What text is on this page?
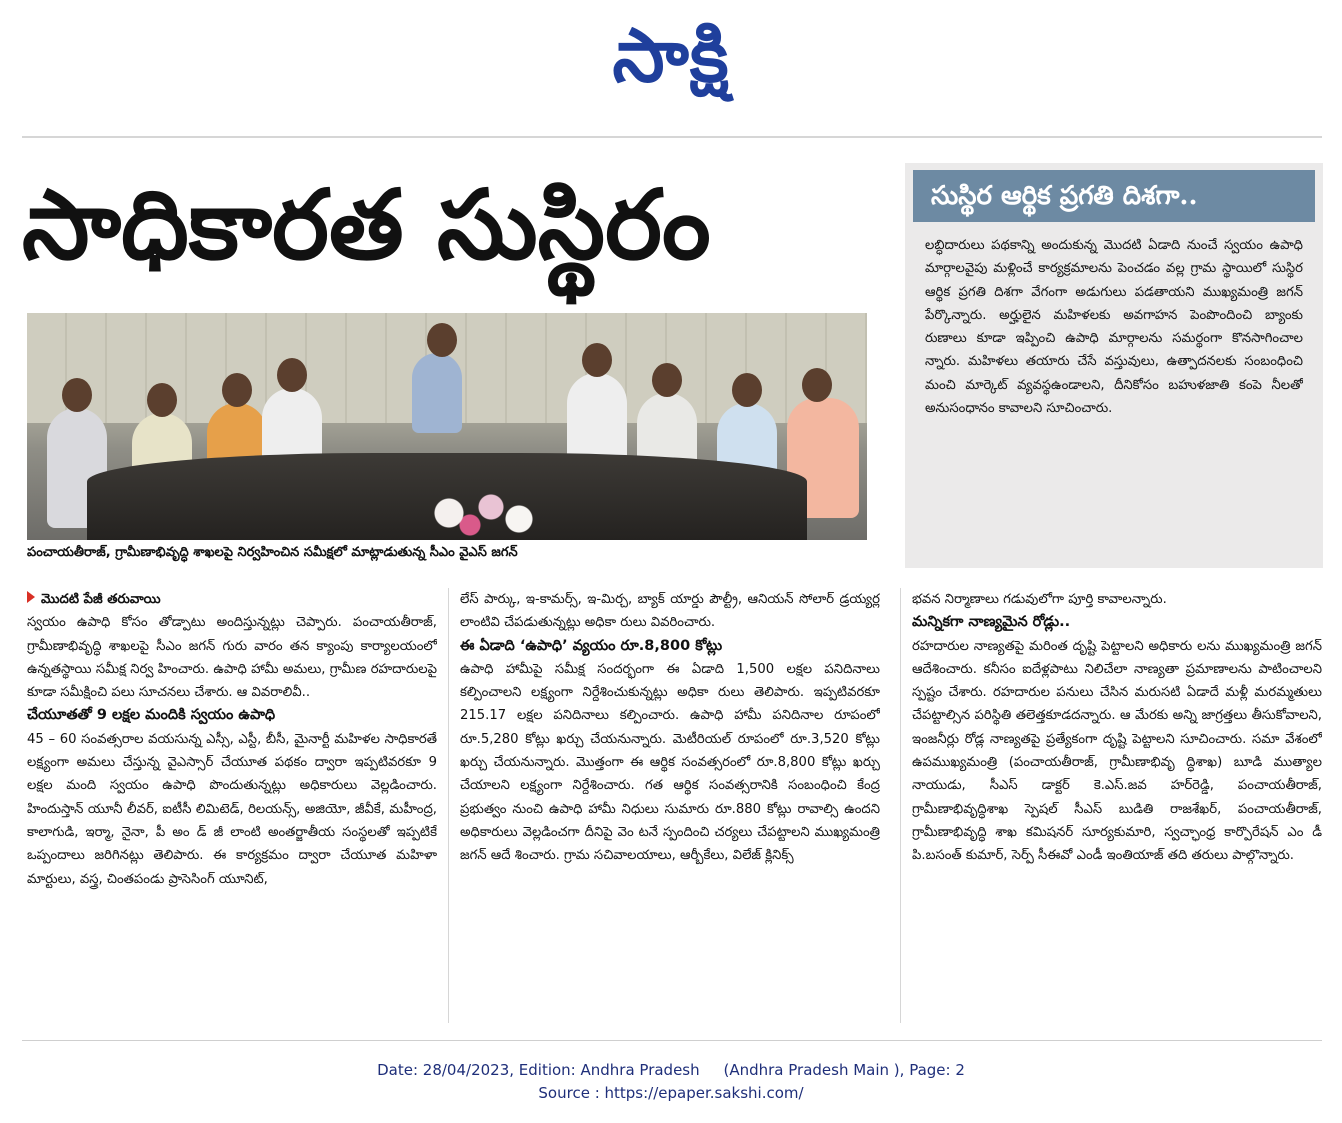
సాక్షి
సాధికారత సుస్థిరం
పంచాయతీరాజ్, గ్రామీణాభివృద్ధి శాఖలపై నిర్వహించిన సమీక్షలో మాట్లాడుతున్న సీఎం వైఎస్ జగన్
సుస్థిర ఆర్థిక ప్రగతి దిశగా..

లబ్ధిదారులు పథకాన్ని అందుకున్న మొదటి ఏడాది నుంచే స్వయం ఉపాధి మార్గాలవైపు మళ్లించే కార్యక్రమాలను పెంచడం వల్ల గ్రామ స్థాయిలో సుస్థిర ఆర్థిక ప్రగతి దిశగా వేగంగా అడుగులు పడతాయని ముఖ్యమంత్రి జగన్ పేర్కొన్నారు. అర్హులైన మహిళలకు అవగాహన పెంపొందించి బ్యాంకు రుణాలు కూడా ఇప్పించి ఉపాధి మార్గాలను సమర్థంగా కొనసాగించాల న్నారు. మహిళలు తయారు చేసే వస్తువులు, ఉత్పాదనలకు సంబంధించి మంచి మార్కెట్ వ్యవస్థఉండాలని, దీనికోసం బహుళజాతి కంపె నీలతో అనుసంధానం కావాలని సూచించారు.

మొదటి పేజీ తరువాయి

స్వయం ఉపాధి కోసం తోడ్పాటు అందిస్తున్నట్లు చెప్పారు. పంచాయతీరాజ్, గ్రామీణాభివృద్ధి శాఖలపై సీఎం జగన్ గురు వారం తన క్యాంపు కార్యాలయంలో ఉన్నతస్థాయి సమీక్ష నిర్వ హించారు. ఉపాధి హామీ అమలు, గ్రామీణ రహదారులపై కూడా సమీక్షించి పలు సూచనలు చేశారు. ఆ వివరాలివీ..

చేయూతతో 9 లక్షల మందికి స్వయం ఉపాధి

45 – 60 సంవత్సరాల వయసున్న ఎస్సీ, ఎస్టీ, బీసీ, మైనార్టీ మహిళల సాధికారతే లక్ష్యంగా అమలు చేస్తున్న వైఎస్సార్ చేయూత పథకం ద్వారా ఇప్పటివరకూ 9 లక్షల మంది స్వయం ఉపాధి పొందుతున్నట్లు అధికారులు వెల్లడించారు. హిందుస్తాన్ యూనీ లీవర్, ఐటీసీ లిమిటెడ్, రిలయన్స్, అజియో, జీవీకే, మహీంద్ర, కాలాగుడి, ఇర్మా, నైనా, పీ అం డ్ జీ లాంటి అంతర్జాతీయ సంస్థలతో ఇప్పటికే ఒప్పందాలు జరిగినట్లు తెలిపారు. ఈ కార్యక్రమం ద్వారా చేయూత మహిళా మార్టులు, వస్త్ర, చింతపండు ప్రాసెసింగ్ యూనిట్,

లేస్ పార్కు, ఇ-కామర్స్, ఇ-మిర్చ, బ్యాక్ యార్డు పౌల్ట్రీ, ఆనియన్ సోలార్ డ్రయ్యర్ల లాంటివి చేపడుతున్నట్లు అధికా రులు వివరించారు.

ఈ ఏడాది ‘ఉపాధి’ వ్యయం రూ.8,800 కోట్లు

ఉపాధి హామీపై సమీక్ష సందర్భంగా ఈ ఏడాది 1,500 లక్షల పనిదినాలు కల్పించాలని లక్ష్యంగా నిర్దేశించుకున్నట్లు అధికా రులు తెలిపారు. ఇప్పటివరకూ 215.17 లక్షల పనిదినాలు కల్పించారు. ఉపాధి హామీ పనిదినాల రూపంలో రూ.5,280 కోట్లు ఖర్చు చేయనున్నారు. మెటీరియల్ రూపంలో రూ.3,520 కోట్లు ఖర్చు చేయనున్నారు. మొత్తంగా ఈ ఆర్థిక సంవత్సరంలో రూ.8,800 కోట్లు ఖర్చు చేయాలని లక్ష్యంగా నిర్దేశించారు. గత ఆర్థిక సంవత్సరానికి సంబంధించి కేంద్ర ప్రభుత్వం నుంచి ఉపాధి హామీ నిధులు సుమారు రూ.880 కోట్లు రావాల్సి ఉందని అధికారులు వెల్లడించగా దీనిపై వెం టనే స్పందించి చర్యలు చేపట్టాలని ముఖ్యమంత్రి జగన్ ఆదే శించారు. గ్రామ సచివాలయాలు, ఆర్బీకేలు, విలేజ్ క్లినిక్స్

భవన నిర్మాణాలు గడువులోగా పూర్తి కావాలన్నారు.

మన్నికగా నాణ్యమైన రోడ్లు..

రహదారుల నాణ్యతపై మరింత దృష్టి పెట్టాలని అధికారు లను ముఖ్యమంత్రి జగన్ ఆదేశించారు. కనీసం ఐదేళ్లపాటు నిలిచేలా నాణ్యతా ప్రమాణాలను పాటించాలని స్పష్టం చేశారు. రహదారుల పనులు చేసిన మరుసటి ఏడాదే మళ్లీ మరమ్మతులు చేపట్టాల్సిన పరిస్థితి తలెత్తకూడదన్నారు. ఆ మేరకు అన్ని జాగ్రత్తలు తీసుకోవాలని, ఇంజనీర్లు రోడ్ల నాణ్యతపై ప్రత్యేకంగా దృష్టి పెట్టాలని సూచించారు. సమా వేశంలో ఉపముఖ్యమంత్రి (పంచాయతీరాజ్, గ్రామీణాభివృ ద్ధిశాఖ) బూడి ముత్యాల నాయుడు, సీఎస్ డాక్టర్ కె.ఎస్.జవ హర్‌రెడ్డి, పంచాయతీరాజ్, గ్రామీణాభివృద్ధిశాఖ స్పెషల్ సీఎస్ బుడితి రాజశేఖర్, పంచాయతీరాజ్, గ్రామీణాభివృద్ధి శాఖ కమిషనర్ సూర్యకుమారి, స్వచ్ఛాంధ్ర కార్పొరేషన్ ఎం డీ పి.బసంత్ కుమార్, సెర్ప్ సీఈవో ఎండీ ఇంతియాజ్ తది తరులు పాల్గొన్నారు.

Date: 28/04/2023, Edition: Andhra Pradesh     (Andhra Pradesh Main ), Page: 2
Source : https://epaper.sakshi.com/
